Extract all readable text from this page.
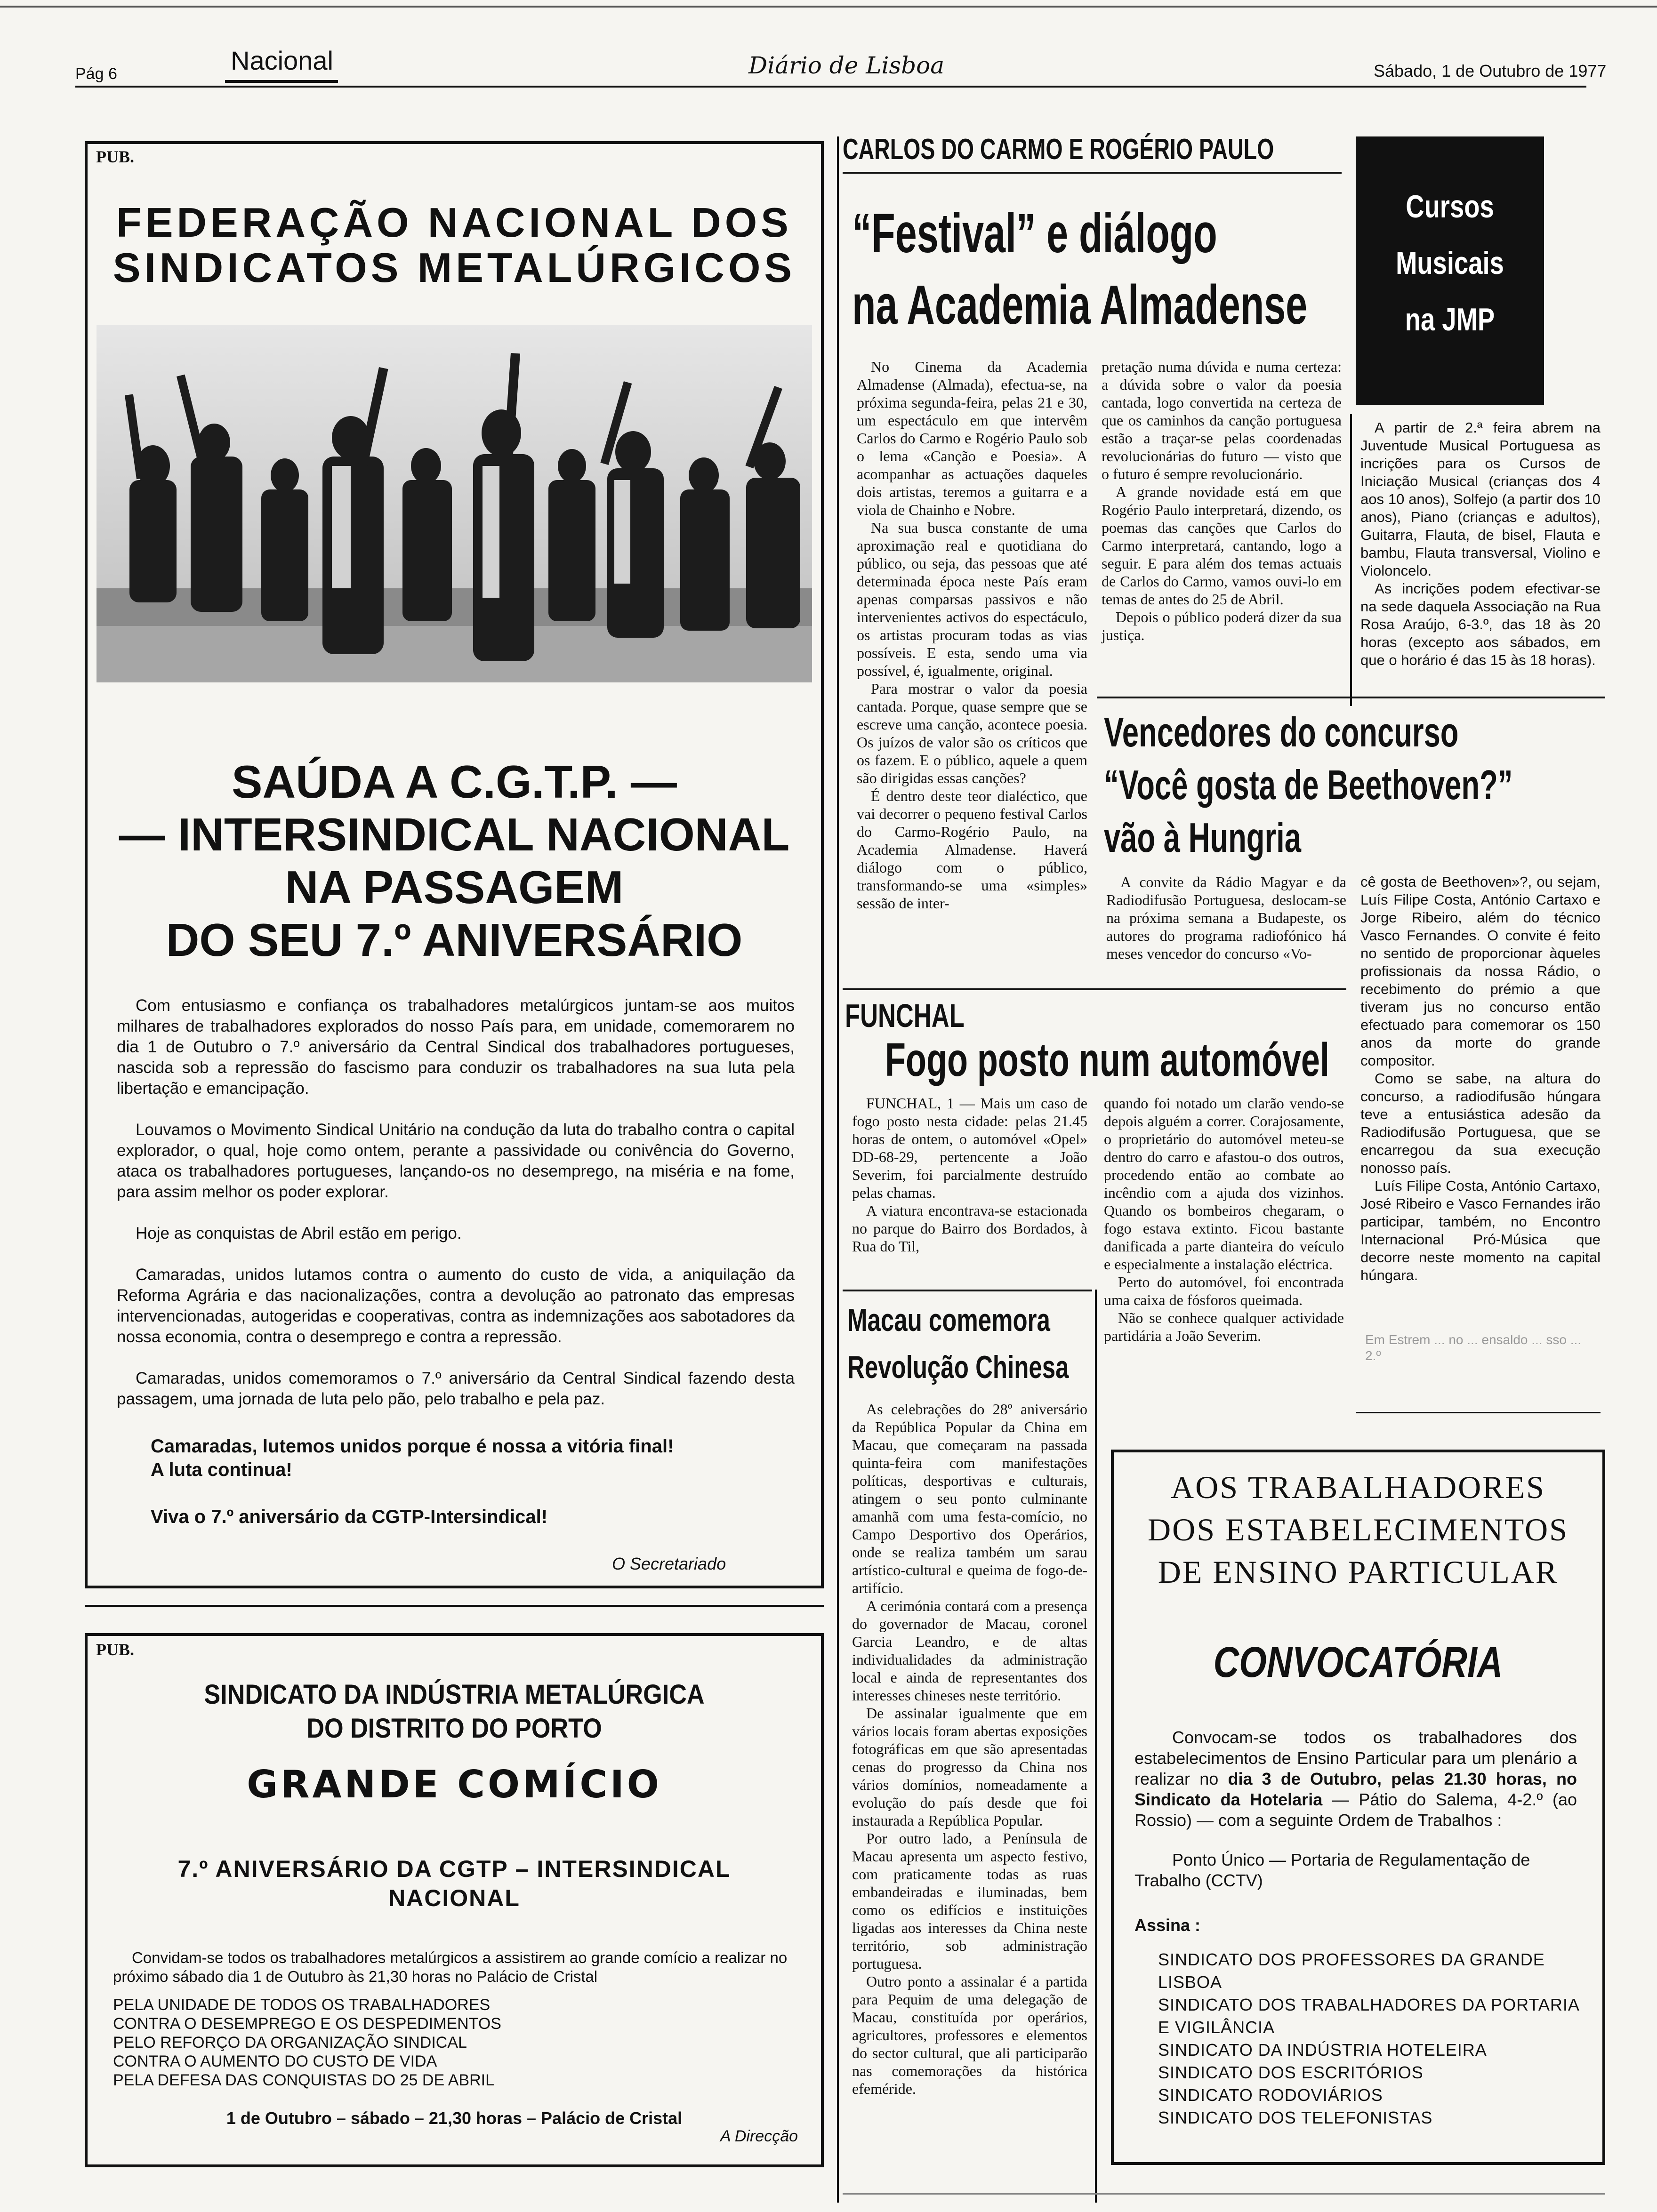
Pág 6	Nacional	Diário de Lisboa	Sábado, 1 de Outubro de 1977
PUB.
FEDERAÇÃO NACIONAL DOS
SINDICATOS METALÚRGICOS
SAÚDA A C.G.T.P. —
— INTERSINDICAL NACIONAL
NA PASSAGEM
DO SEU 7.º ANIVERSÁRIO

Com entusiasmo e confiança os trabalhadores metalúrgicos juntam-se aos muitos milhares de trabalhadores explorados do nosso País para, em unidade, comemorarem no dia 1 de Outubro o 7.º aniversário da Central Sindical dos trabalhadores portugueses, nascida sob a repressão do fascismo para conduzir os trabalhadores na sua luta pela libertação e emancipação.

Louvamos o Movimento Sindical Unitário na condução da luta do trabalho contra o capital explorador, o qual, hoje como ontem, perante a passividade ou conivência do Governo, ataca os trabalhadores portugueses, lançando-os no desemprego, na miséria e na fome, para assim melhor os poder explorar.

Hoje as conquistas de Abril estão em perigo.

Camaradas, unidos lutamos contra o aumento do custo de vida, a aniquilação da Reforma Agrária e das nacionalizações, contra a devolução ao patronato das empresas intervencionadas, autogeridas e cooperativas, contra as indemnizações aos sabotadores da nossa economia, contra o desemprego e contra a repressão.

Camaradas, unidos comemoramos o 7.º aniversário da Central Sindical fazendo desta passagem, uma jornada de luta pelo pão, pelo trabalho e pela paz.

Camaradas, lutemos unidos porque é nossa a vitória final!
A luta continua!
Viva o 7.º aniversário da CGTP-Intersindical!
O Secretariado
PUB.
SINDICATO DA INDÚSTRIA METALÚRGICA
DO DISTRITO DO PORTO
GRANDE COMÍCIO
7.º ANIVERSÁRIO DA CGTP – INTERSINDICAL
NACIONAL
Convidam-se todos os trabalhadores metalúrgicos a assistirem ao grande comício a realizar no próximo sábado dia 1 de Outubro às 21,30 horas no Palácio de Cristal
PELA UNIDADE DE TODOS OS TRABALHADORES
CONTRA O DESEMPREGO E OS DESPEDIMENTOS
PELO REFORÇO DA ORGANIZAÇÃO SINDICAL
CONTRA O AUMENTO DO CUSTO DE VIDA
PELA DEFESA DAS CONQUISTAS DO 25 DE ABRIL
1 de Outubro – sábado – 21,30 horas – Palácio de Cristal
A Direcção
CARLOS DO CARMO E ROGÉRIO PAULO
“Festival” e diálogo
na Academia Almadense

No Cinema da Academia Almadense (Almada), efectua-se, na próxima segunda-feira, pelas 21 e 30, um espectáculo em que intervêm Carlos do Carmo e Rogério Paulo sob o lema «Canção e Poesia». A acompanhar as actuações daqueles dois artistas, teremos a guitarra e a viola de Chainho e Nobre.

Na sua busca constante de uma aproximação real e quotidiana do público, ou seja, das pessoas que até determinada época neste País eram apenas comparsas passivos e não intervenientes activos do espectáculo, os artistas procuram todas as vias possíveis. E esta, sendo uma via possível, é, igualmente, original.

Para mostrar o valor da poesia cantada. Porque, quase sempre que se escreve uma canção, acontece poesia. Os juízos de valor são os críticos que os fazem. E o público, aquele a quem são dirigidas essas canções?

É dentro deste teor dialéctico, que vai decorrer o pequeno festival Carlos do Carmo-Rogério Paulo, na Academia Almadense. Haverá diálogo com o público, transformando-se uma «simples» sessão de inter-

pretação numa dúvida e numa certeza: a dúvida sobre o valor da poesia cantada, logo convertida na certeza de que os caminhos da canção portuguesa estão a traçar-se pelas coordenadas revolucionárias do futuro — visto que o futuro é sempre revolucionário.

A grande novidade está em que Rogério Paulo interpretará, dizendo, os poemas das canções que Carlos do Carmo interpretará, cantando, logo a seguir. E para além dos temas actuais de Carlos do Carmo, vamos ouvi-lo em temas de antes do 25 de Abril.

Depois o público poderá dizer da sua justiça.

Cursos
Musicais
na JMP

A partir de 2.ª feira abrem na Juventude Musical Portuguesa as incrições para os Cursos de Iniciação Musical (crianças dos 4 aos 10 anos), Solfejo (a partir dos 10 anos), Piano (crianças e adultos), Guitarra, Flauta, de bisel, Flauta e bambu, Flauta transversal, Violino e Violoncelo.

As incrições podem efectivar-se na sede daquela Associação na Rua Rosa Araújo, 6-3.º, das 18 às 20 horas (excepto aos sábados, em que o horário é das 15 às 18 horas).

Vencedores do concurso
“Você gosta de Beethoven?”
vão à Hungria

A convite da Rádio Magyar e da Radiodifusão Portuguesa, deslocam-se na próxima semana a Budapeste, os autores do programa radiofónico há meses vencedor do concurso «Vo-

cê gosta de Beethoven»?, ou sejam, Luís Filipe Costa, António Cartaxo e Jorge Ribeiro, além do técnico Vasco Fernandes. O convite é feito no sentido de proporcionar àqueles profissionais da nossa Rádio, o recebimento do prémio a que tiveram jus no concurso então efectuado para comemorar os 150 anos da morte do grande compositor.

Como se sabe, na altura do concurso, a radiodifusão húngara teve a entusiástica adesão da Radiodifusão Portuguesa, que se encarregou da sua execução nonosso país.

Luís Filipe Costa, António Cartaxo, José Ribeiro e Vasco Fernandes irão participar, também, no Encontro Internacional Pró-Música que decorre neste momento na capital húngara.

Em Estrem ... no ... ensaldo ... sso ... 2.º
FUNCHAL
Fogo posto num automóvel

FUNCHAL, 1 — Mais um caso de fogo posto nesta cidade: pelas 21.45 horas de ontem, o automóvel «Opel» DD-68-29, pertencente a João Severim, foi parcialmente destruído pelas chamas.

A viatura encontrava-se estacionada no parque do Bairro dos Bordados, à Rua do Til,

quando foi notado um clarão vendo-se depois alguém a correr. Corajosamente, o proprietário do automóvel meteu-se dentro do carro e afastou-o dos outros, procedendo então ao combate ao incêndio com a ajuda dos vizinhos. Quando os bombeiros chegaram, o fogo estava extinto. Ficou bastante danificada a parte dianteira do veículo e especialmente a instalação eléctrica.

Perto do automóvel, foi encontrada uma caixa de fósforos queimada.

Não se conhece qualquer actividade partidária a João Severim.

Macau comemora
Revolução Chinesa

As celebrações do 28º aniversário da República Popular da China em Macau, que começaram na passada quinta-feira com manifestações políticas, desportivas e culturais, atingem o seu ponto culminante amanhã com uma festa-comício, no Campo Desportivo dos Operários, onde se realiza também um sarau artístico-cultural e queima de fogo-de-artifício.

A cerimónia contará com a presença do governador de Macau, coronel Garcia Leandro, e de altas individualidades da administração local e ainda de representantes dos interesses chineses neste território.

De assinalar igualmente que em vários locais foram abertas exposições fotográficas em que são apresentadas cenas do progresso da China nos vários domínios, nomeadamente a evolução do país desde que foi instaurada a República Popular.

Por outro lado, a Península de Macau apresenta um aspecto festivo, com praticamente todas as ruas embandeiradas e iluminadas, bem como os edifícios e instituições ligadas aos interesses da China neste território, sob administração portuguesa.

Outro ponto a assinalar é a partida para Pequim de uma delegação de Macau, constituída por operários, agricultores, professores e elementos do sector cultural, que ali participarão nas comemorações da histórica efeméride.

AOS TRABALHADORES
DOS ESTABELECIMENTOS
DE ENSINO PARTICULAR
CONVOCATÓRIA
Convocam-se todos os trabalhadores dos estabelecimentos de Ensino Particular para um plenário a realizar no dia 3 de Outubro, pelas 21.30 horas, no Sindicato da Hotelaria — Pátio do Salema, 4-2.º (ao Rossio) — com a seguinte Ordem de Trabalhos :
Ponto Único — Portaria de Regulamentação de Trabalho (CCTV)
Assina :
SINDICATO DOS PROFESSORES DA GRANDE LISBOA
SINDICATO DOS TRABALHADORES DA PORTARIA E VIGILÂNCIA
SINDICATO DA INDÚSTRIA HOTELEIRA
SINDICATO DOS ESCRITÓRIOS
SINDICATO RODOVIÁRIOS
SINDICATO DOS TELEFONISTAS
